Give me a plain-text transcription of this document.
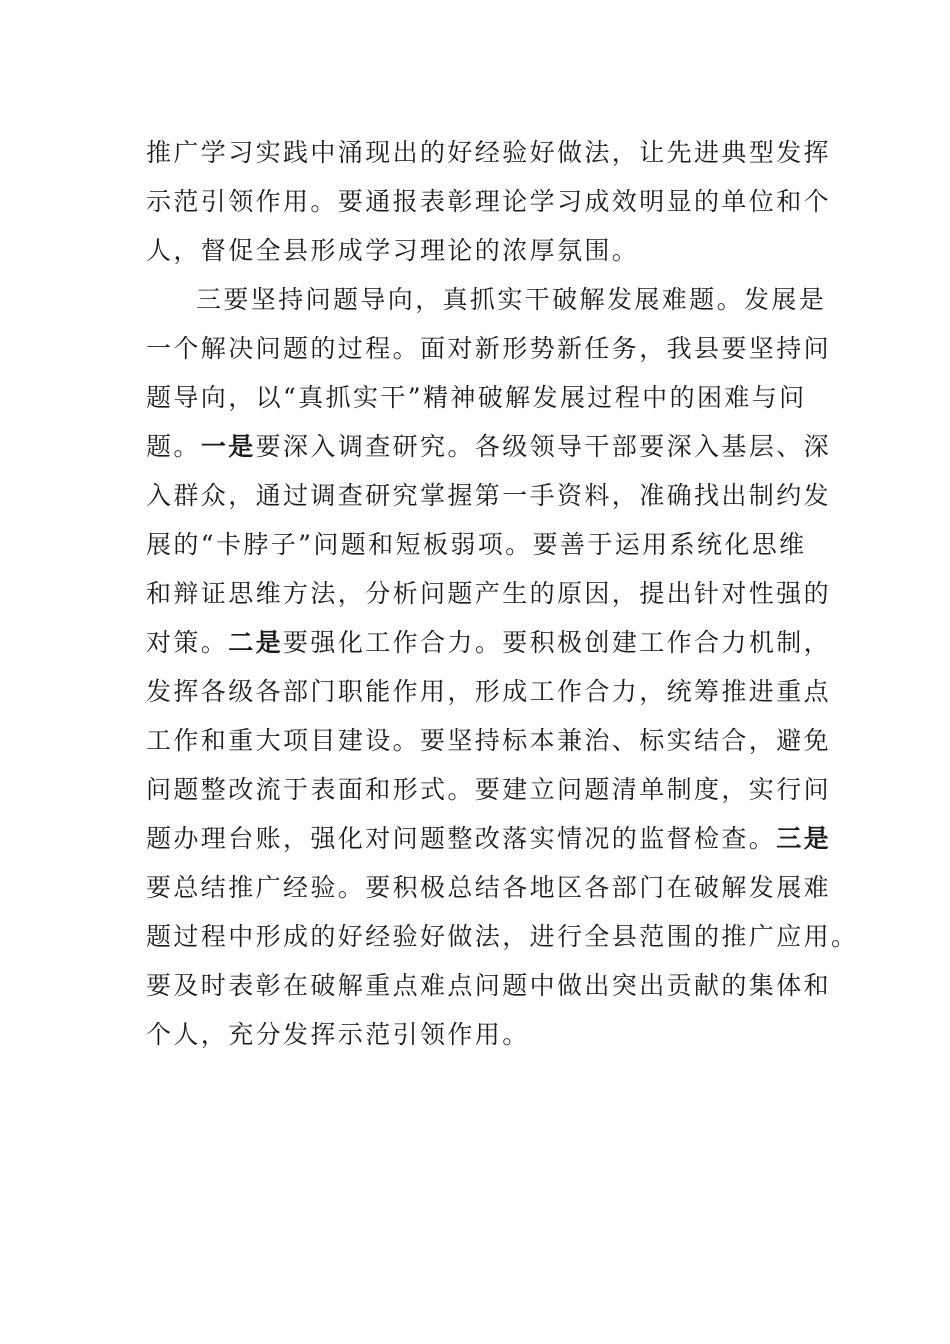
推广学习实践中涌现出的好经验好做法，让先进典型发挥
示范引领作用。要通报表彰理论学习成效明显的单位和个
人，督促全县形成学习理论的浓厚氛围。
三要坚持问题导向，真抓实干破解发展难题。发展是
一个解决问题的过程。面对新形势新任务，我县要坚持问
题导向，以“真抓实干”精神破解发展过程中的困难与问
题。一是要深入调查研究。各级领导干部要深入基层、深
入群众，通过调查研究掌握第一手资料，准确找出制约发
展的“卡脖子”问题和短板弱项。要善于运用系统化思维
和辩证思维方法，分析问题产生的原因，提出针对性强的
对策。二是要强化工作合力。要积极创建工作合力机制，
发挥各级各部门职能作用，形成工作合力，统筹推进重点
工作和重大项目建设。要坚持标本兼治、标实结合，避免
问题整改流于表面和形式。要建立问题清单制度，实行问
题办理台账，强化对问题整改落实情况的监督检查。三是
要总结推广经验。要积极总结各地区各部门在破解发展难
题过程中形成的好经验好做法，进行全县范围的推广应用。
要及时表彰在破解重点难点问题中做出突出贡献的集体和
个人，充分发挥示范引领作用。
